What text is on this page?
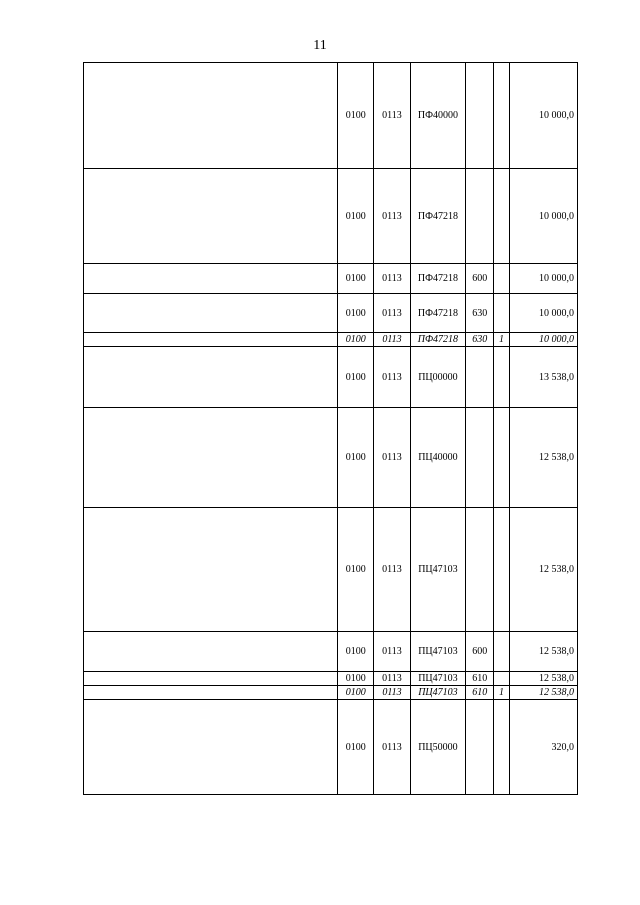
11
	0100	0113	ПФ40000			10 000,0
	0100	0113	ПФ47218			10 000,0
	0100	0113	ПФ47218	600		10 000,0
	0100	0113	ПФ47218	630		10 000,0
	0100	0113	ПФ47218	630	1	10 000,0
	0100	0113	ПЦ00000			13 538,0
	0100	0113	ПЦ40000			12 538,0
	0100	0113	ПЦ47103			12 538,0
	0100	0113	ПЦ47103	600		12 538,0
	0100	0113	ПЦ47103	610		12 538,0
	0100	0113	ПЦ47103	610	1	12 538,0
	0100	0113	ПЦ50000			320,0
